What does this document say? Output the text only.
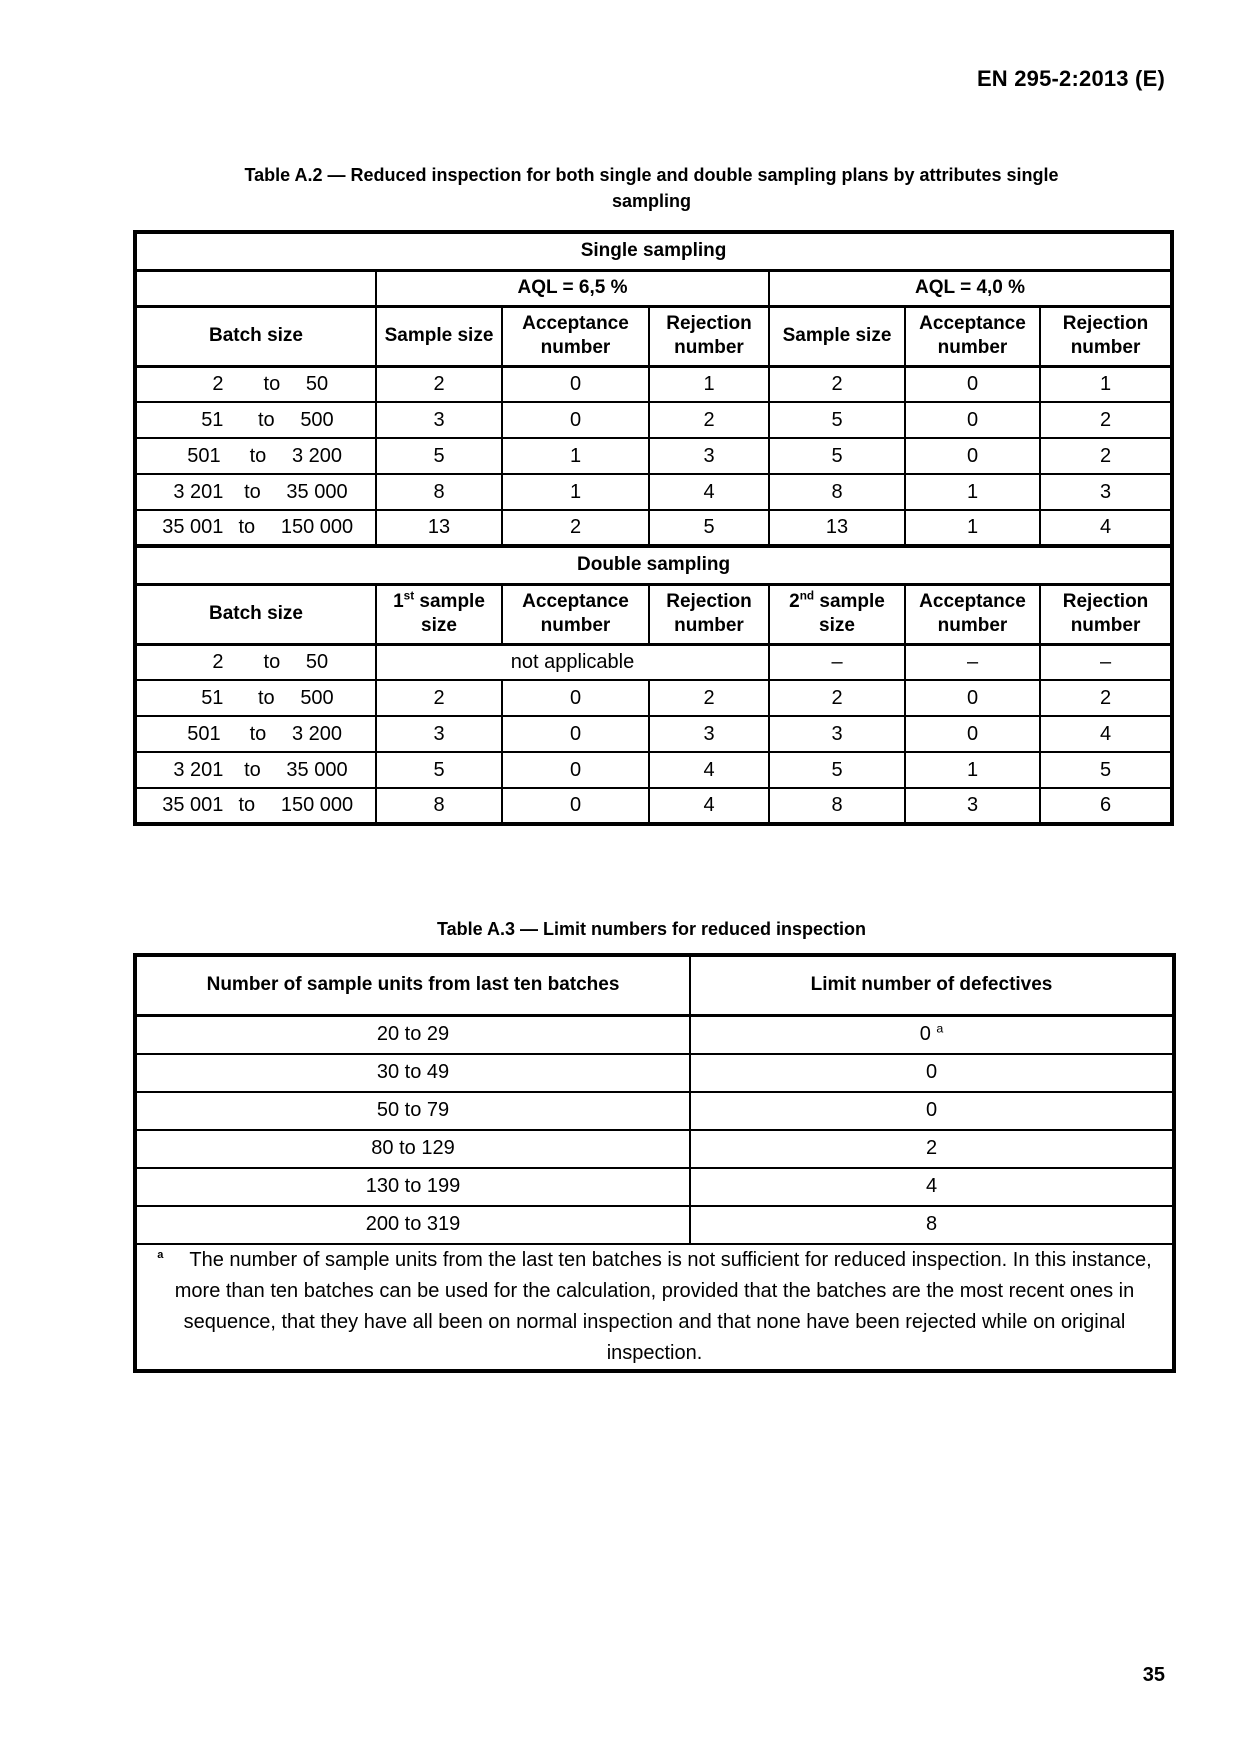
EN 295-2:2013 (E)
Table A.2 — Reduced inspection for both single and double sampling plans by attributes single
sampling
Single sampling						
	AQL = 6,5 %			AQL = 4,0 %		
Batch size	Sample size	Acceptance number	Rejection number	Sample size	Acceptance number	Rejection number
2 to 50	2	0	1	2	0	1
51 to 500	3	0	2	5	0	2
501 to 3 200	5	1	3	5	0	2
3 201 to 35 000	8	1	4	8	1	3
35 001 to 150 000	13	2	5	13	1	4
Double sampling						
Batch size	1st sample size	Acceptance number	Rejection number	2nd sample size	Acceptance number	Rejection number
2 to 50	not applicable			–	–	–
51 to 500	2	0	2	2	0	2
501 to 3 200	3	0	3	3	0	4
3 201 to 35 000	5	0	4	5	1	5
35 001 to 150 000	8	0	4	8	3	6
Table A.3 — Limit numbers for reduced inspection
Number of sample units from last ten batches	Limit number of defectives
20 to 29	0 $^a$
30 to 49	0
50 to 79	0
80 to 129	2
130 to 199	4
200 to 319	8
$^a$ The number of sample units from the last ten batches is not sufficient for reduced inspection. In this instance, more than ten batches can be used for the calculation, provided that the batches are the most recent ones in sequence, that they have all been on normal inspection and that none have been rejected while on original inspection.	
35
